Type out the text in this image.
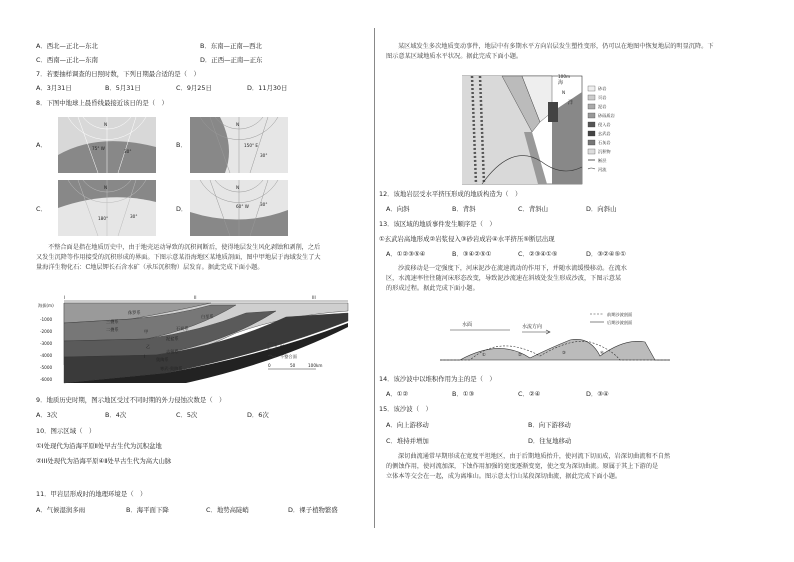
A．西北—正北—东北	B．东南—正南—西北
C．西南—正北—东南	D．正西—正南—正东
7．若要抽样调查的日照时数，下列日期最合适的是（　）
A．3月31日	B．5月31日	C．9月25日	D．11月30日
8．下图中地球上晨昏线最接近该日的是（　）
A．	B．
C．	D．
N
75° W
30°
N
150° E
30°
N
180°	30°
N
60° W	30°
不整合面是指在地质历史中，由于地壳运动导致的沉积间断后，使得地层发生风化剥蚀和剥削，之后
又发生沉降等作用接受的沉积形成的界面。下图示意某沿海地区某地质剖面，图中甲地层于海域发生了大
量海洋生物化石：C地层钾长石含水矿（承压沉积物）层发育。据此完成下面小题。
海拔(m)
I	II	III
-1000
-2000
-3000
-4000
-5000
-6000
白垩系
侏罗系
三叠系
二叠系	石炭系
泥盆系
志留系
奥陶系
寒武-奥陶系
甲
乙
I
断层
不整合面
0	50	100km
9．地质历史时期，图示地区受过不同时期的外力侵蚀次数是（　）
A．3次	B．4次	C．5次	D．6次
10．图示区域（　）
①I处现代为沿海平原Ⅱ处早古生代为沉积盆地
②III处现代为沿海平原④Ⅱ处早古生代为高大山脉
11．甲岩层形成时的地理环境是（　）
A．气候湿润多雨	B．海平面下降	C．地势高陡峭	D．裸子植物繁盛
某区域发生多次地质变动事件，地层中有多期水平方向岩层发生塑性变形，仍可以在地图中恢复地层的明显沉降。下
图示意某区域地质水平状况。据此完成下面小题。
海
洋
N
100m
砂岩
页岩
泥岩
砂砾质岩
侵入岩
玄武岩
石灰岩
沉积物
断层
河流
12．该地岩层受水平挤压形成的地质构造为（　）
A．向斜	B．背斜	C．背斜山	D．向斜山
13．该区域的地质事件发生顺序是（　）
①玄武岩高地形成②岩浆侵入③砂岩成岩④水平挤压⑤断层出现
A．①②③⑤④	B．③④②⑤①	C．②③④①⑤	D．③②④⑤①
沙波移动是一定强度下，河床泥沙在流速流动的作用下，并随水流缓慢移动。在流水
区，水流速率往往随河床形态改变，导致泥沙流速在斜坡处发生形成沙波，下图示意某
的形成过程。据此完成下面小题。
水面	水流方向
前期沙波剖面
后期沙波剖面
①	②	③	④
14．该沙波中以堆积作用为主的是（　）
A．①②	B．①③	C．②④	D．③④
15．该沙波（　）
A．向上游移动	B．向下游移动
C．堆持并增加	D．往复地移动
深切曲流通常早期形成在宽度平坦地区，由于后期地质抬升，使河流下切而成，岩深切曲流和不自然
的侧蚀作用，使河流加深，下蚀作用加强的宽度逐渐变宽，使之变为深切曲流。原属于其上下游的是
立体本等交会在一起，成为离堆山。图示意太行山某段深切曲流，据此完成下面小题。
